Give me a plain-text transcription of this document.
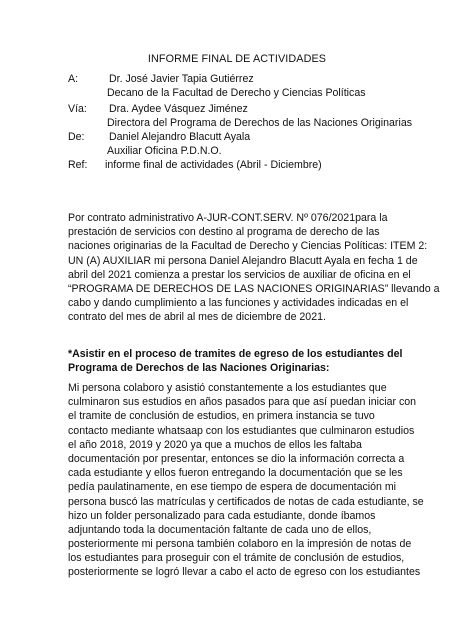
INFORME FINAL DE ACTIVIDADES
A:	Dr. José Javier Tapia Gutiérrez
Decano de la Facultad de Derecho y Ciencias Políticas
Vía: Dra. Aydee Vásquez Jiménez
Directora del Programa de Derechos de las Naciones Originarias
De: Daniel Alejandro Blacutt Ayala
Auxiliar Oficina P.D.N.O.
Ref: informe final de actividades (Abril - Diciembre)
Por contrato administrativo A-JUR-CONT.SERV. Nº 076/2021para la
prestación de servicios con destino al programa de derecho de las
naciones originarias de la Facultad de Derecho y Ciencias Políticas: ITEM 2:
UN (A) AUXILIAR mi persona Daniel Alejandro Blacutt Ayala en fecha 1 de
abril del 2021 comienza a prestar los servicios de auxiliar de oficina en el
“PROGRAMA DE DERECHOS DE LAS NACIONES ORIGINARIAS” llevando a
cabo y dando cumplimiento a las funciones y actividades indicadas en el
contrato del mes de abril al mes de diciembre de 2021.
*Asistir en el proceso de tramites de egreso de los estudiantes del
Programa de Derechos de las Naciones Originarias:
Mi persona colaboro y asistió constantemente a los estudiantes que
culminaron sus estudios en años pasados para que así puedan iniciar con
el tramite de conclusión de estudios, en primera instancia se tuvo
contacto mediante whatsaap con los estudiantes que culminaron estudios
el año 2018, 2019 y 2020 ya que a muchos de ellos les faltaba
documentación por presentar, entonces se dio la información correcta a
cada estudiante y ellos fueron entregando la documentación que se les
pedía paulatinamente, en ese tiempo de espera de documentación mi
persona buscó las matrículas y certificados de notas de cada estudiante, se
hizo un folder personalizado para cada estudiante, donde íbamos
adjuntando toda la documentación faltante de cada uno de ellos,
posteriormente mi persona también colaboro en la impresión de notas de
los estudiantes para proseguir con el trámite de conclusión de estudios,
posteriormente se logró llevar a cabo el acto de egreso con los estudiantes
